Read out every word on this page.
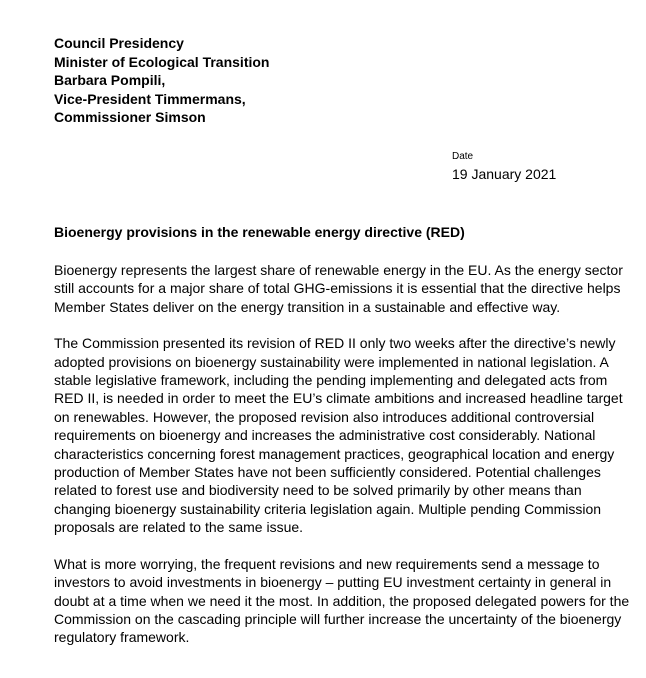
Council Presidency
Minister of Ecological Transition
Barbara Pompili,
Vice-President Timmermans,
Commissioner Simson
Date
19 January 2021
Bioenergy provisions in the renewable energy directive (RED)
Bioenergy represents the largest share of renewable energy in the EU. As the energy sector
still accounts for a major share of total GHG-emissions it is essential that the directive helps
Member States deliver on the energy transition in a sustainable and effective way.
The Commission presented its revision of RED II only two weeks after the directive’s newly
adopted provisions on bioenergy sustainability were implemented in national legislation. A
stable legislative framework, including the pending implementing and delegated acts from
RED II, is needed in order to meet the EU’s climate ambitions and increased headline target
on renewables. However, the proposed revision also introduces additional controversial
requirements on bioenergy and increases the administrative cost considerably. National
characteristics concerning forest management practices, geographical location and energy
production of Member States have not been sufficiently considered. Potential challenges
related to forest use and biodiversity need to be solved primarily by other means than
changing bioenergy sustainability criteria legislation again. Multiple pending Commission
proposals are related to the same issue.
What is more worrying, the frequent revisions and new requirements send a message to
investors to avoid investments in bioenergy – putting EU investment certainty in general in
doubt at a time when we need it the most. In addition, the proposed delegated powers for the
Commission on the cascading principle will further increase the uncertainty of the bioenergy
regulatory framework.
